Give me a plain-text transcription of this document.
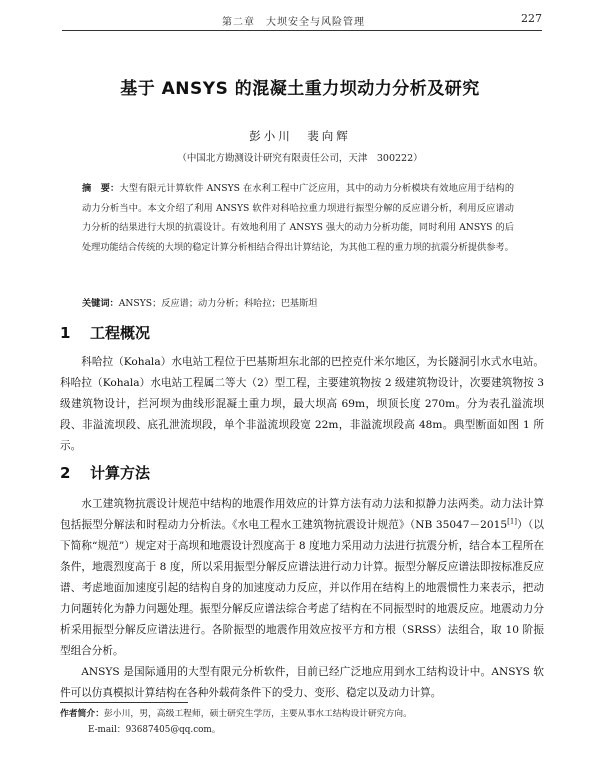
第二章　大坝安全与风险管理	227
基于 ANSYS 的混凝土重力坝动力分析及研究
彭小川　裴向辉
（中国北方勘测设计研究有限责任公司，天津　300222）
摘　要：大型有限元计算软件 ANSYS 在水利工程中广泛应用，其中的动力分析模块有效地应用于结构的动力分析当中。本文介绍了利用 ANSYS 软件对科哈拉重力坝进行振型分解的反应谱分析，利用反应谱动力分析的结果进行大坝的抗震设计。有效地利用了 ANSYS 强大的动力分析功能，同时利用 ANSYS 的后处理功能结合传统的大坝的稳定计算分析相结合得出计算结论，为其他工程的重力坝的抗震分析提供参考。
关键词：ANSYS；反应谱；动力分析；科哈拉；巴基斯坦
1 工程概况

科哈拉（Kohala）水电站工程位于巴基斯坦东北部的巴控克什米尔地区，为长隧洞引水式水电站。科哈拉（Kohala）水电站工程属二等大（2）型工程，主要建筑物按 2 级建筑物设计，次要建筑物按 3 级建筑物设计，拦河坝为曲线形混凝土重力坝，最大坝高 69m，坝顶长度 270m。分为表孔溢流坝段、非溢流坝段、底孔泄流坝段，单个非溢流坝段宽 22m，非溢流坝段高 48m。典型断面如图 1 所示。

2 计算方法

水工建筑物抗震设计规范中结构的地震作用效应的计算方法有动力法和拟静力法两类。动力法计算包括振型分解法和时程动力分析法。《水电工程水工建筑物抗震设计规范》（NB 35047－2015[1]）（以下简称“规范”）规定对于高坝和地震设计烈度高于 8 度地力采用动力法进行抗震分析，结合本工程所在条件，地震烈度高于 8 度，所以采用振型分解反应谱法进行动力计算。振型分解反应谱法即按标准反应谱、考虑地面加速度引起的结构自身的加速度动力反应，并以作用在结构上的地震惯性力来表示，把动力问题转化为静力问题处理。振型分解反应谱法综合考虑了结构在不同振型时的地震反应。地震动力分析采用振型分解反应谱法进行。各阶振型的地震作用效应按平方和方根（SRSS）法组合，取 10 阶振型组合分析。

ANSYS 是国际通用的大型有限元分析软件，目前已经广泛地应用到水工结构设计中。ANSYS 软件可以仿真模拟计算结构在各种外载荷条件下的受力、变形、稳定以及动力计算。

作者简介：彭小川，男，高级工程师，硕士研究生学历，主要从事水工结构设计研究方向。
E-mail：93687405@qq.com。
